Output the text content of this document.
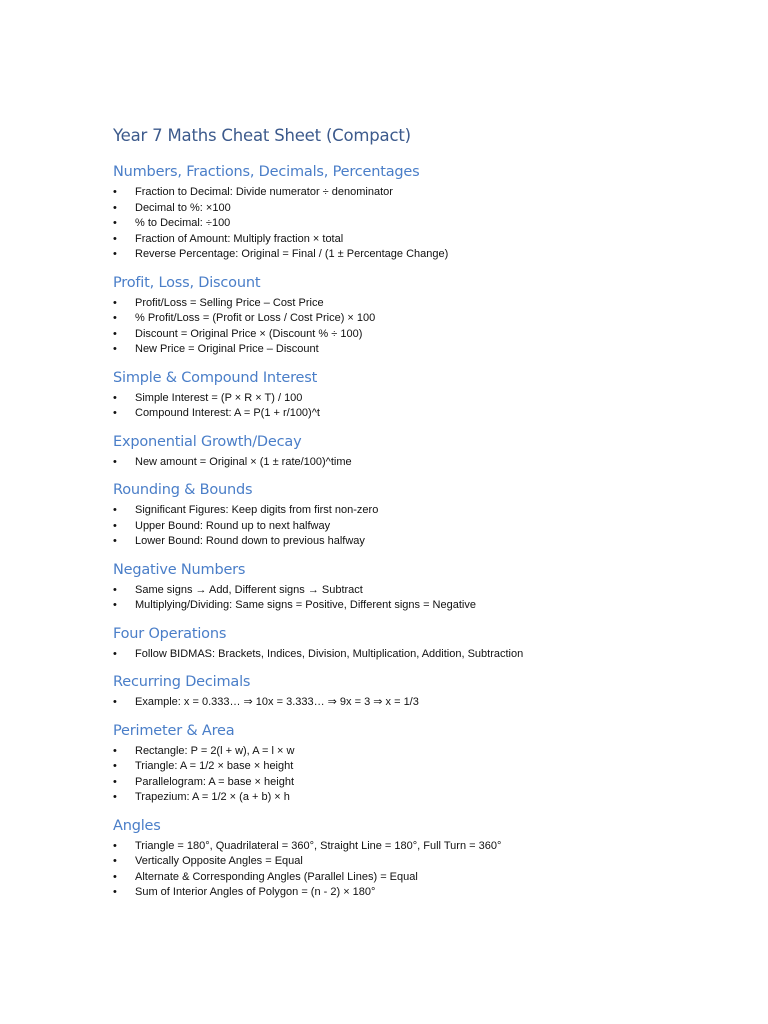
Year 7 Maths Cheat Sheet (Compact)
Numbers, Fractions, Decimals, Percentages
• Fraction to Decimal: Divide numerator ÷ denominator
• Decimal to %: ×100
• % to Decimal: ÷100
• Fraction of Amount: Multiply fraction × total
• Reverse Percentage: Original = Final / (1 ± Percentage Change)
Profit, Loss, Discount
• Profit/Loss = Selling Price – Cost Price
• % Profit/Loss = (Profit or Loss / Cost Price) × 100
• Discount = Original Price × (Discount % ÷ 100)
• New Price = Original Price – Discount
Simple & Compound Interest
• Simple Interest = (P × R × T) / 100
• Compound Interest: A = P(1 + r/100)^t
Exponential Growth/Decay
• New amount = Original × (1 ± rate/100)^time
Rounding & Bounds
• Significant Figures: Keep digits from first non-zero
• Upper Bound: Round up to next halfway
• Lower Bound: Round down to previous halfway
Negative Numbers
• Same signs → Add, Different signs → Subtract
• Multiplying/Dividing: Same signs = Positive, Different signs = Negative
Four Operations
• Follow BIDMAS: Brackets, Indices, Division, Multiplication, Addition, Subtraction
Recurring Decimals
• Example: x = 0.333… ⇒ 10x = 3.333… ⇒ 9x = 3 ⇒ x = 1/3
Perimeter & Area
• Rectangle: P = 2(l + w), A = l × w
• Triangle: A = 1/2 × base × height
• Parallelogram: A = base × height
• Trapezium: A = 1/2 × (a + b) × h
Angles
• Triangle = 180°, Quadrilateral = 360°, Straight Line = 180°, Full Turn = 360°
• Vertically Opposite Angles = Equal
• Alternate & Corresponding Angles (Parallel Lines) = Equal
• Sum of Interior Angles of Polygon = (n - 2) × 180°
